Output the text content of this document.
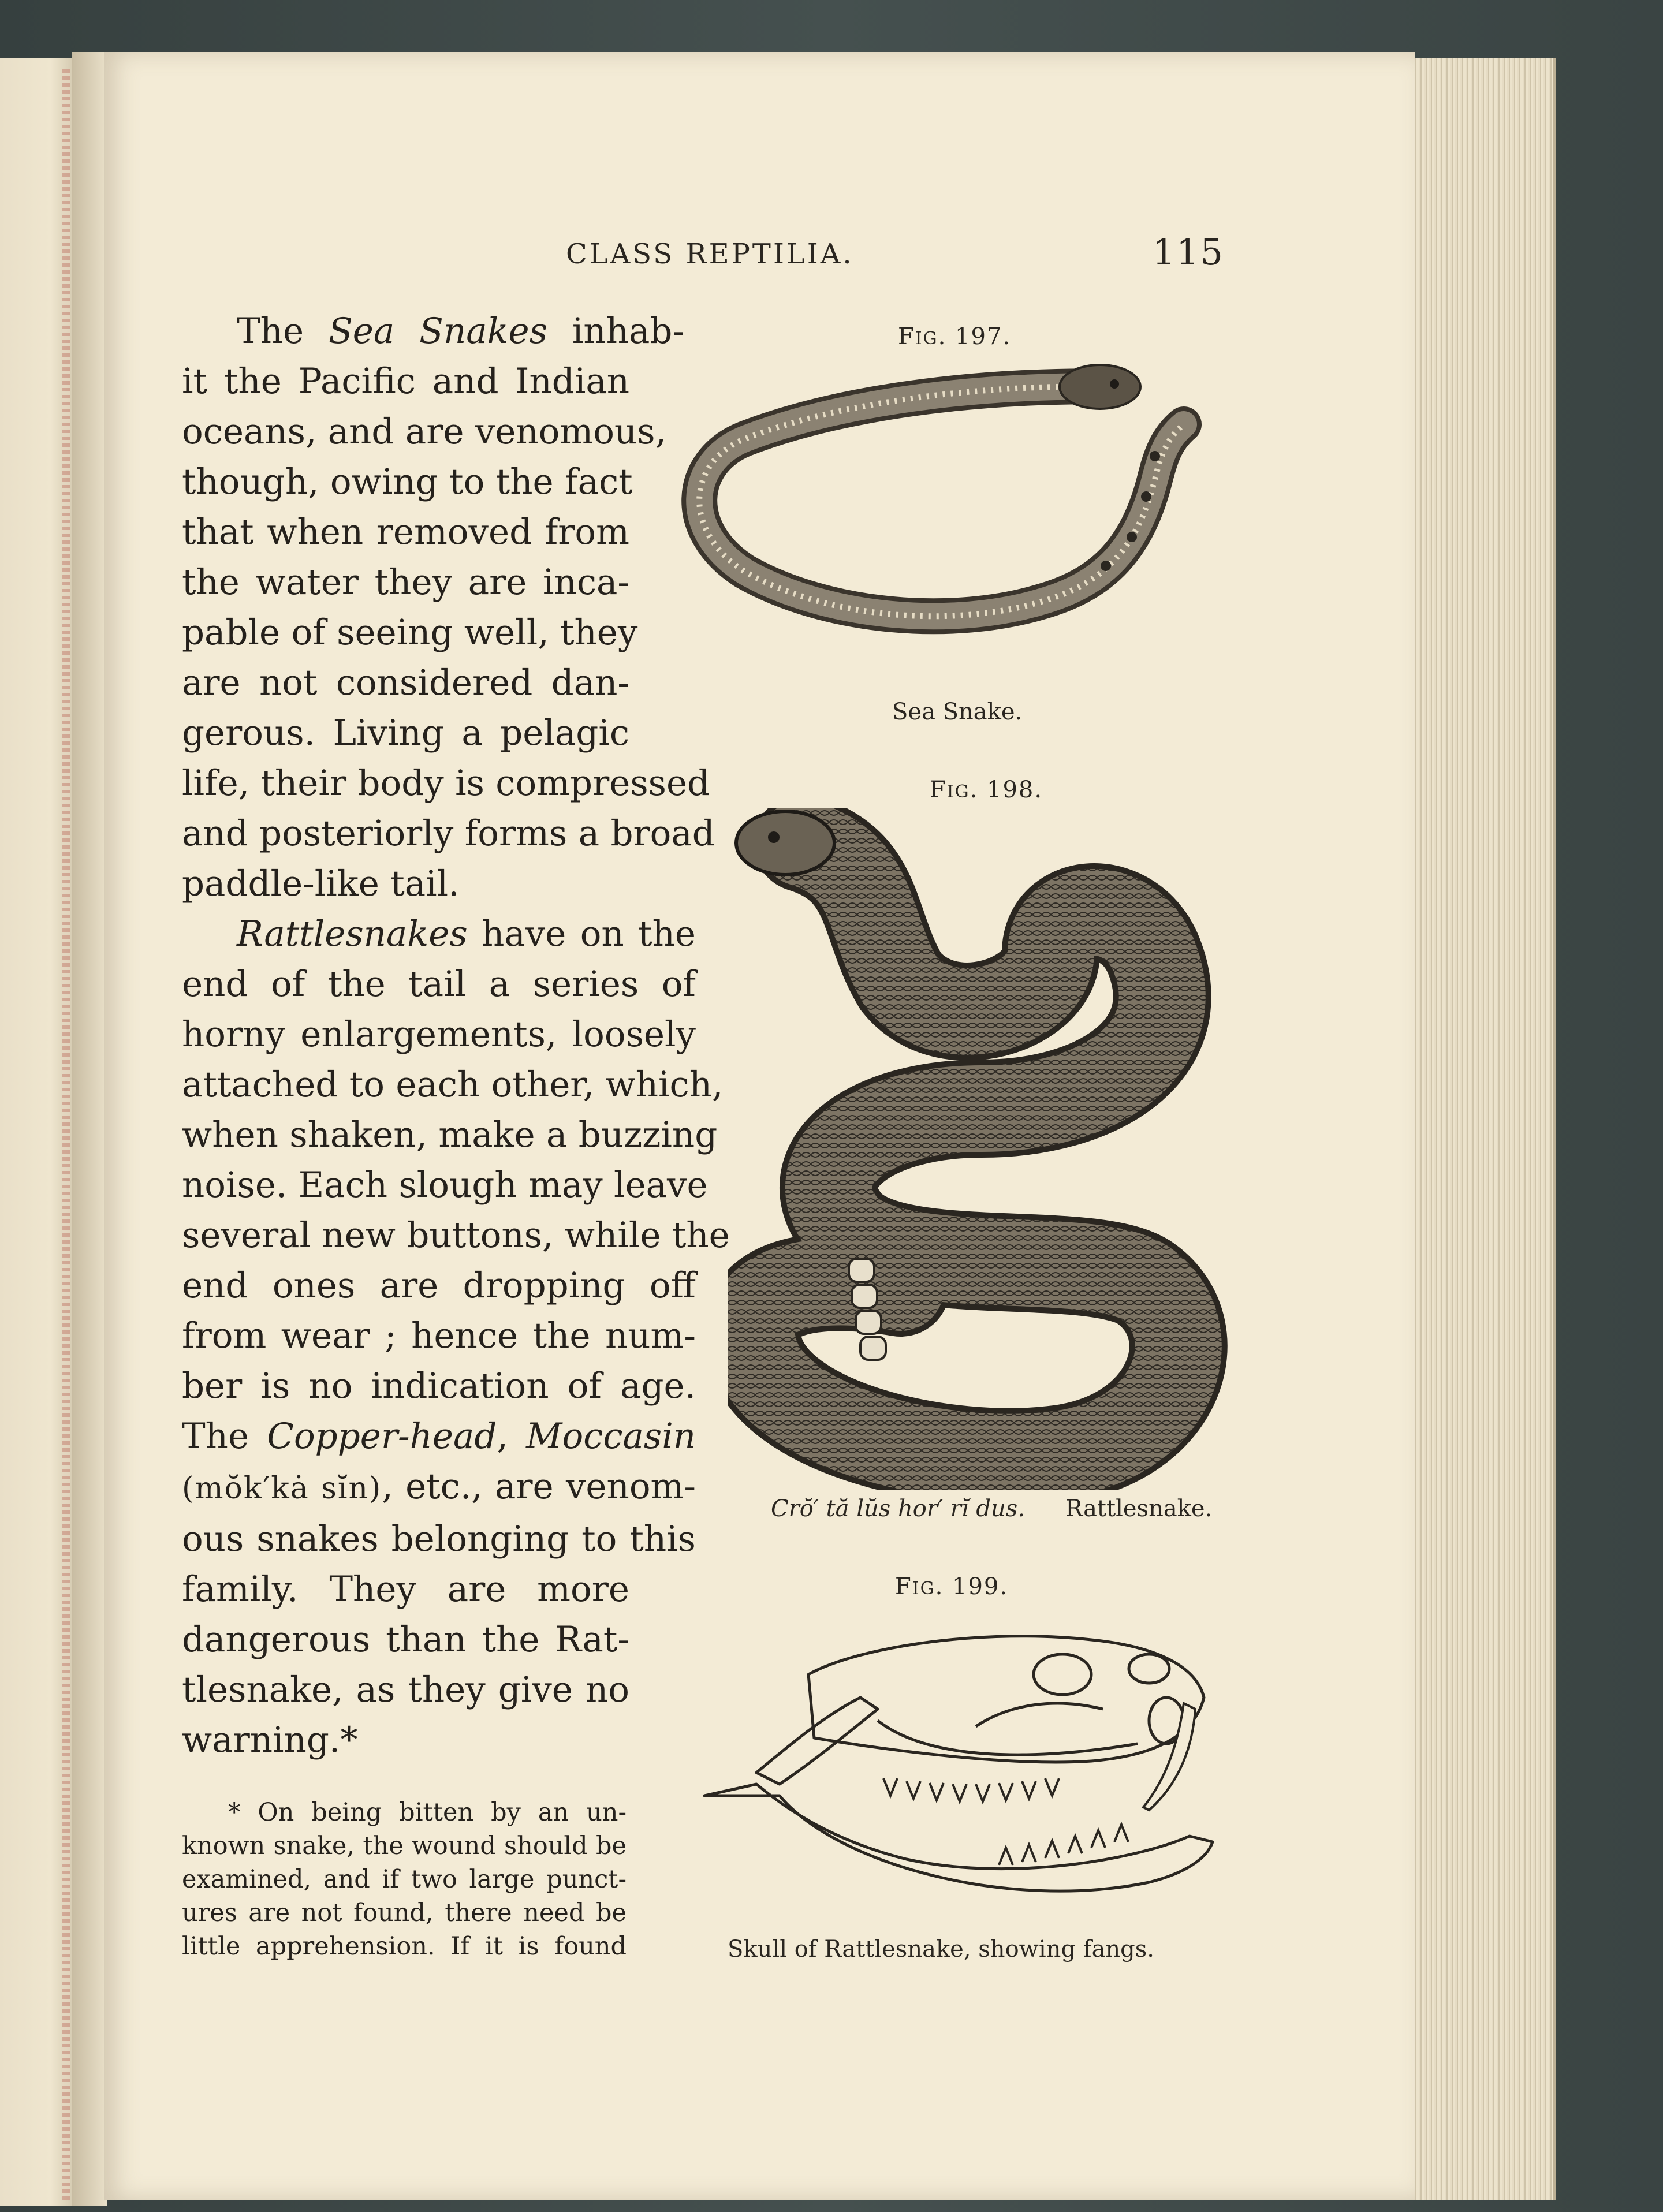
CLASS REPTILIA.	115
The Sea Snakes inhab-
it the Pacific and Indian
oceans, and are venomous,
though, owing to the fact
that when removed from
the water they are inca-
pable of seeing well, they
are not considered dan-
gerous. Living a pelagic
life, their body is compressed
and posteriorly forms a broad
paddle-like tail.
Rattlesnakes have on the
end of the tail a series of
horny enlargements, loosely
attached to each other, which,
when shaken, make a buzzing
noise. Each slough may leave
several new buttons, while the
end ones are dropping off
from wear ; hence the num-
ber is no indication of age.
The Copper-head, Moccasin
(mŏk′kȧ sĭn), etc., are venom-
ous snakes belonging to this
family. They are more
dangerous than the Rat-
tlesnake, as they give no
warning.*
* On being bitten by an un-
known snake, the wound should be
examined, and if two large punct-
ures are not found, there need be
little apprehension. If it is found
FIG. 197.
Sea Snake.
FIG. 198.
Crŏ′ tă lŭs hor′ rĭ dus. Rattlesnake.
FIG. 199.
Skull of Rattlesnake, showing fangs.
